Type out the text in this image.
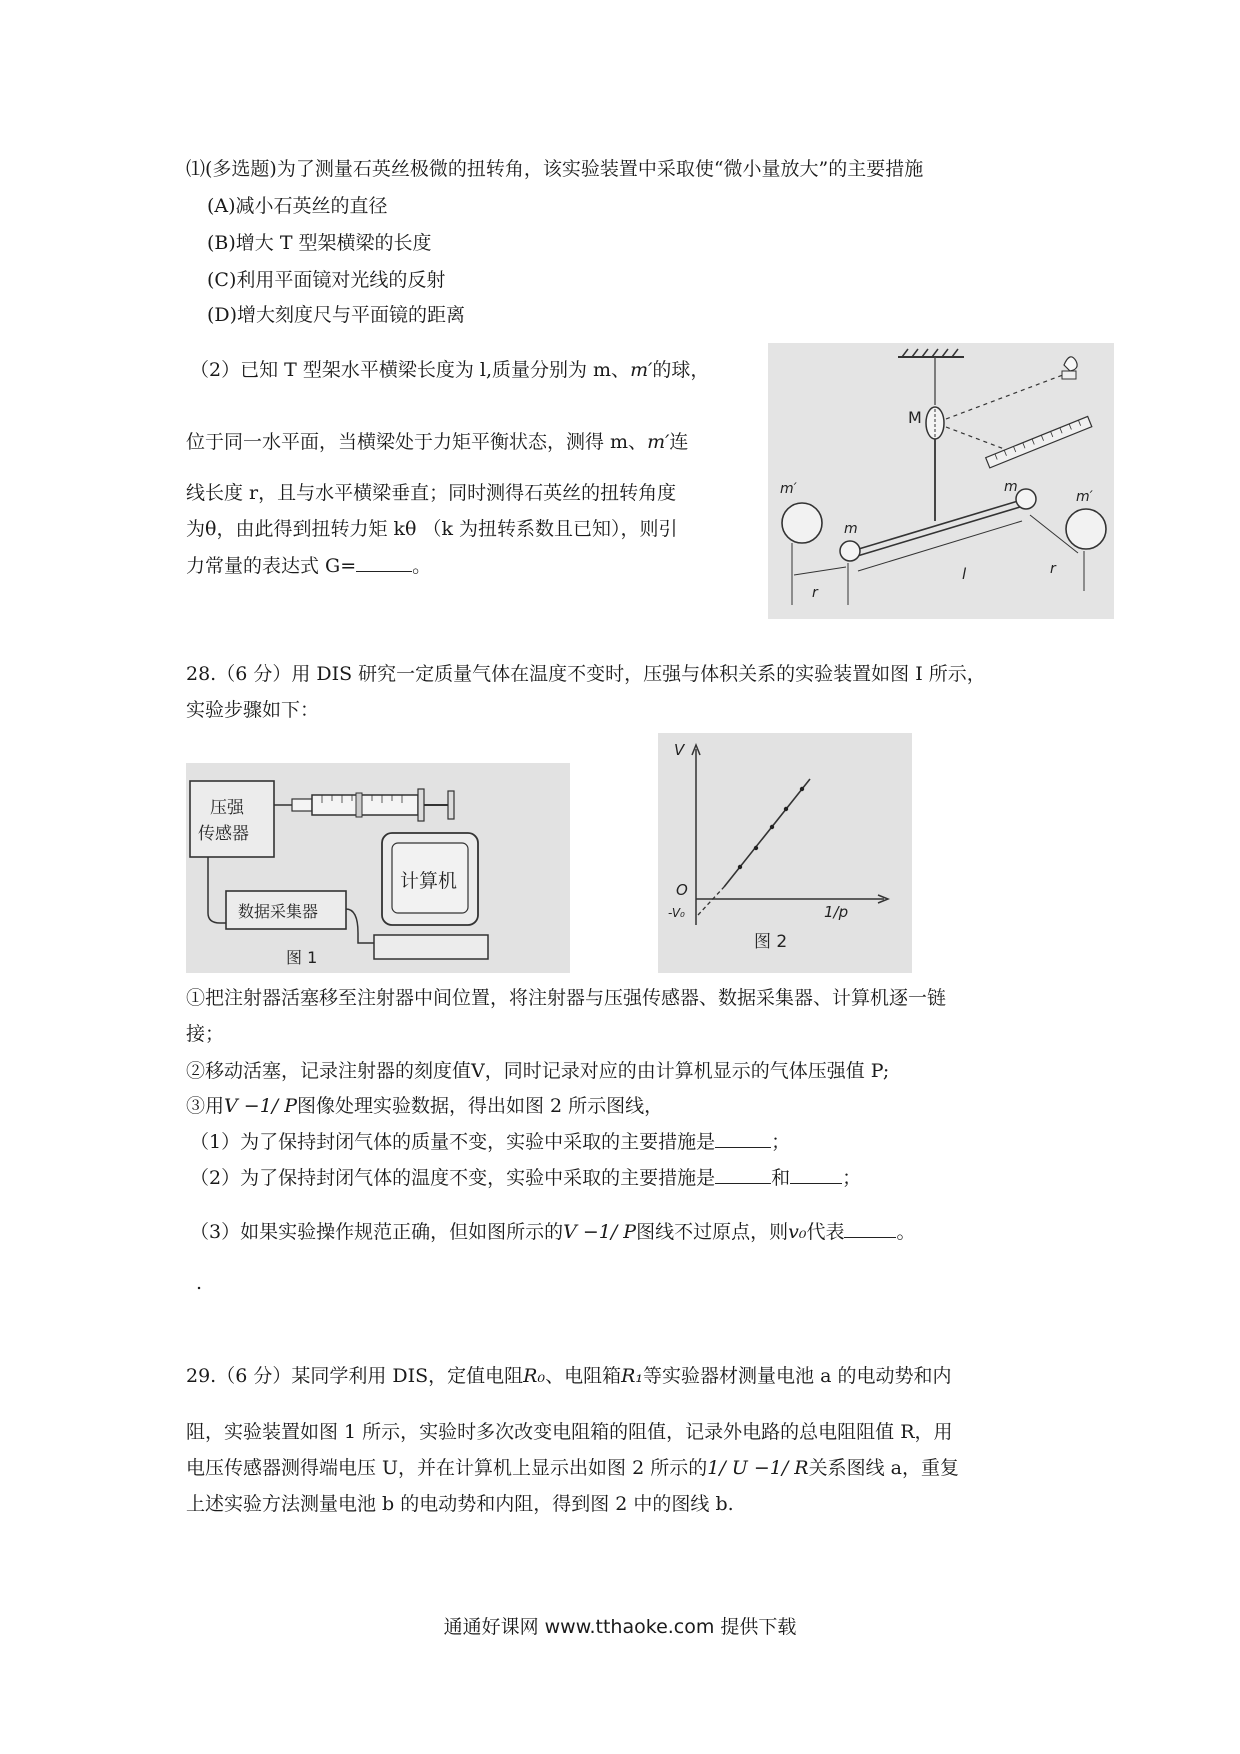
⑴(多选题)为了测量石英丝极微的扭转角，该实验装置中采取使“微小量放大”的主要措施
(A)减小石英丝的直径
(B)增大 T 型架横梁的长度
(C)利用平面镜对光线的反射
(D)增大刻度尺与平面镜的距离
（2）已知 T 型架水平横梁长度为 l,质量分别为 m、m′的球，
位于同一水平面，当横梁处于力矩平衡状态，测得 m、m′连
线长度 r，且与水平横梁垂直；同时测得石英丝的扭转角度
为θ，由此得到扭转力矩 kθ （k 为扭转系数且已知），则引
力常量的表达式 G=	。
M
m
m
m′	m′
r
l	r
28.（6 分）用 DIS 研究一定质量气体在温度不变时，压强与体积关系的实验装置如图 I 所示，
实验步骤如下：
压强
传感器
数据采集器
计算机
图 1
V
1/p
O
-V₀
图 2
①把注射器活塞移至注射器中间位置，将注射器与压强传感器、数据采集器、计算机逐一链
接；
②移动活塞，记录注射器的刻度值V，同时记录对应的由计算机显示的气体压强值 P;
③用V −1/ P图像处理实验数据，得出如图 2 所示图线，
（1）为了保持封闭气体的质量不变，实验中采取的主要措施是	；
（2）为了保持封闭气体的温度不变，实验中采取的主要措施是	和	；
（3）如果实验操作规范正确，但如图所示的V −1/ P图线不过原点，则v₀代表	。
.
29.（6 分）某同学利用 DIS，定值电阻R₀、电阻箱R₁等实验器材测量电池 a 的电动势和内
阻，实验装置如图 1 所示，实验时多次改变电阻箱的阻值，记录外电路的总电阻阻值 R，用
电压传感器测得端电压 U，并在计算机上显示出如图 2 所示的1/ U −1/ R关系图线 a，重复
上述实验方法测量电池 b 的电动势和内阻，得到图 2 中的图线 b.
通通好课网 www.tthaoke.com 提供下载
